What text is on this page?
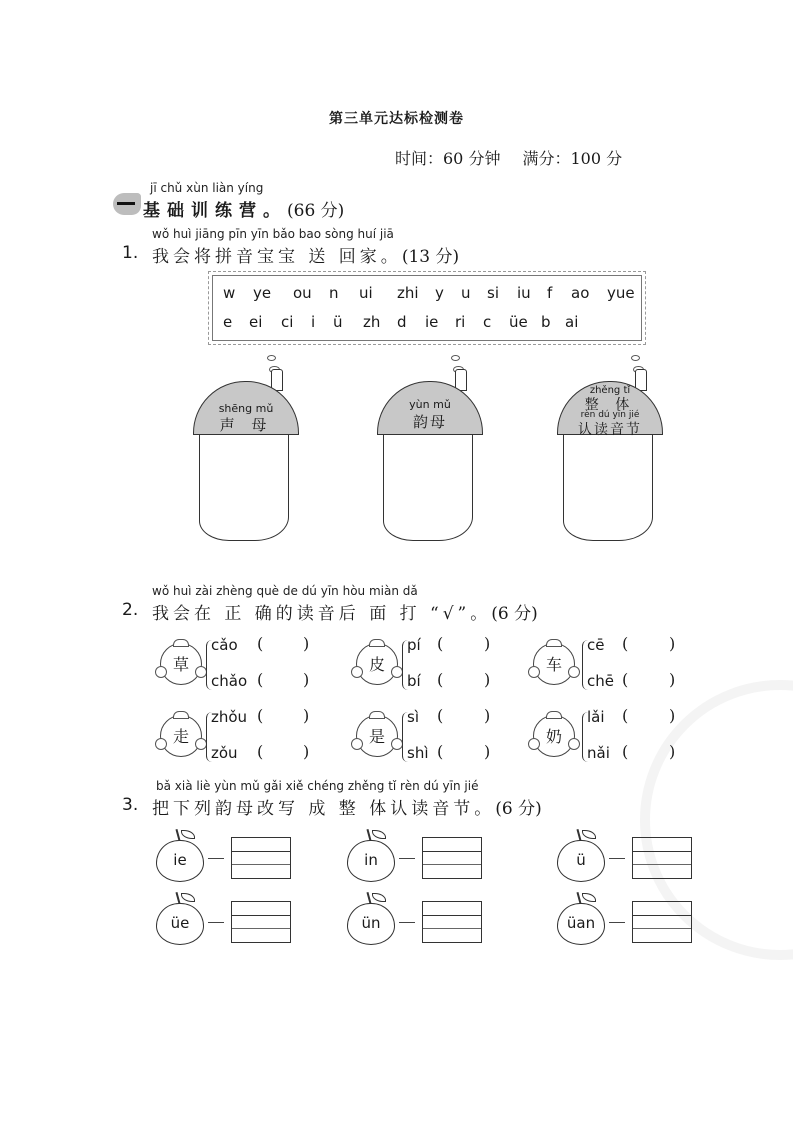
第三单元达标检测卷
时间：60 分钟 满分：100 分
jī chǔ xùn liàn yíng
基础训练营。(66 分)
wǒ huì jiāng pīn yīn bǎo bao sòng huí jiā
1. 我会将拼音宝宝 送 回家。(13 分)
w	ye	ou	n	ui	zhi	y	u	si	iu	f	ao	yue
e	ei	ci	i	ü	zh	d	ie	ri	c	üe b ai
shēng mǔ
声 母
yùn mǔ
韵母
zhěng tǐ
整 体
rèn dú yīn jié
认读音节
wǒ huì zài zhèng què de dú yīn hòu miàn dǎ
2. 我会在 正 确的读音后 面 打 “√”。(6 分)
草
cǎo ( )
chǎo ( )
皮
pí (	)
bí (	)
车
cē (	)
chē (	)
走
zhǒu ( )
zǒu ( )
是
sì (	)
shì (	)
奶
lǎi (	)
nǎi (	)
bǎ xià liè yùn mǔ gǎi xiě chéng zhěng tǐ rèn dú yīn jié
3. 把下列韵母改写 成 整 体认读音节。(6 分)
ie	in	ü
üe	ün	üan
